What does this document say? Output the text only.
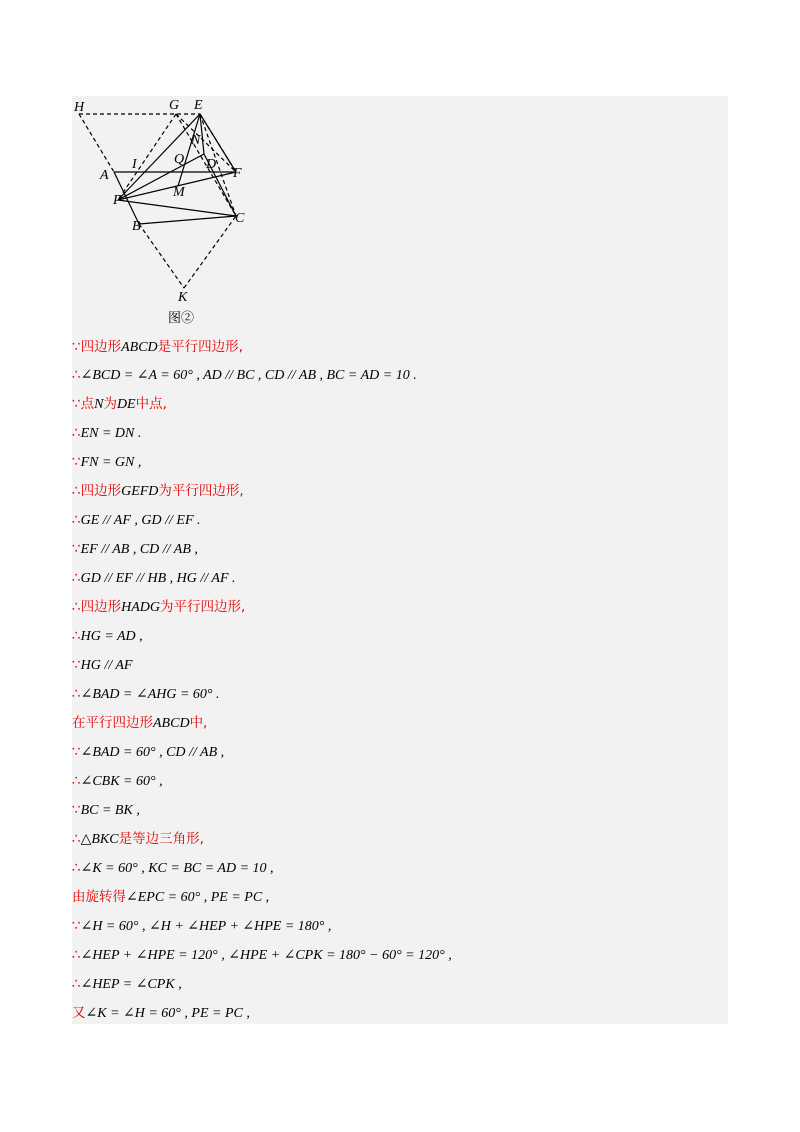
H	G E
N
I	Q D
A	F
M
P
C
B
K
图②
∵四边形ABCD是平行四边形,
∴∠BCD = ∠A = 60° , AD // BC , CD // AB , BC = AD = 10 .
∵点N为DE中点,
∴EN = DN .
∵FN = GN ,
∴四边形GEFD为平行四边形,
∴GE // AF , GD // EF .
∵EF // AB , CD // AB ,
∴GD // EF // HB , HG // AF .
∴四边形HADG为平行四边形,
∴HG = AD ,
∵HG // AF
∴∠BAD = ∠AHG = 60° .
在平行四边形ABCD中,
∵∠BAD = 60° , CD // AB ,
∴∠CBK = 60° ,
∵BC = BK ,
∴△BKC是等边三角形,
∴∠K = 60° , KC = BC = AD = 10 ,
由旋转得∠EPC = 60° , PE = PC ,
∵∠H = 60° , ∠H + ∠HEP + ∠HPE = 180° ,
∴∠HEP + ∠HPE = 120° , ∠HPE + ∠CPK = 180° − 60° = 120° ,
∴∠HEP = ∠CPK ,
又∠K = ∠H = 60° , PE = PC ,
